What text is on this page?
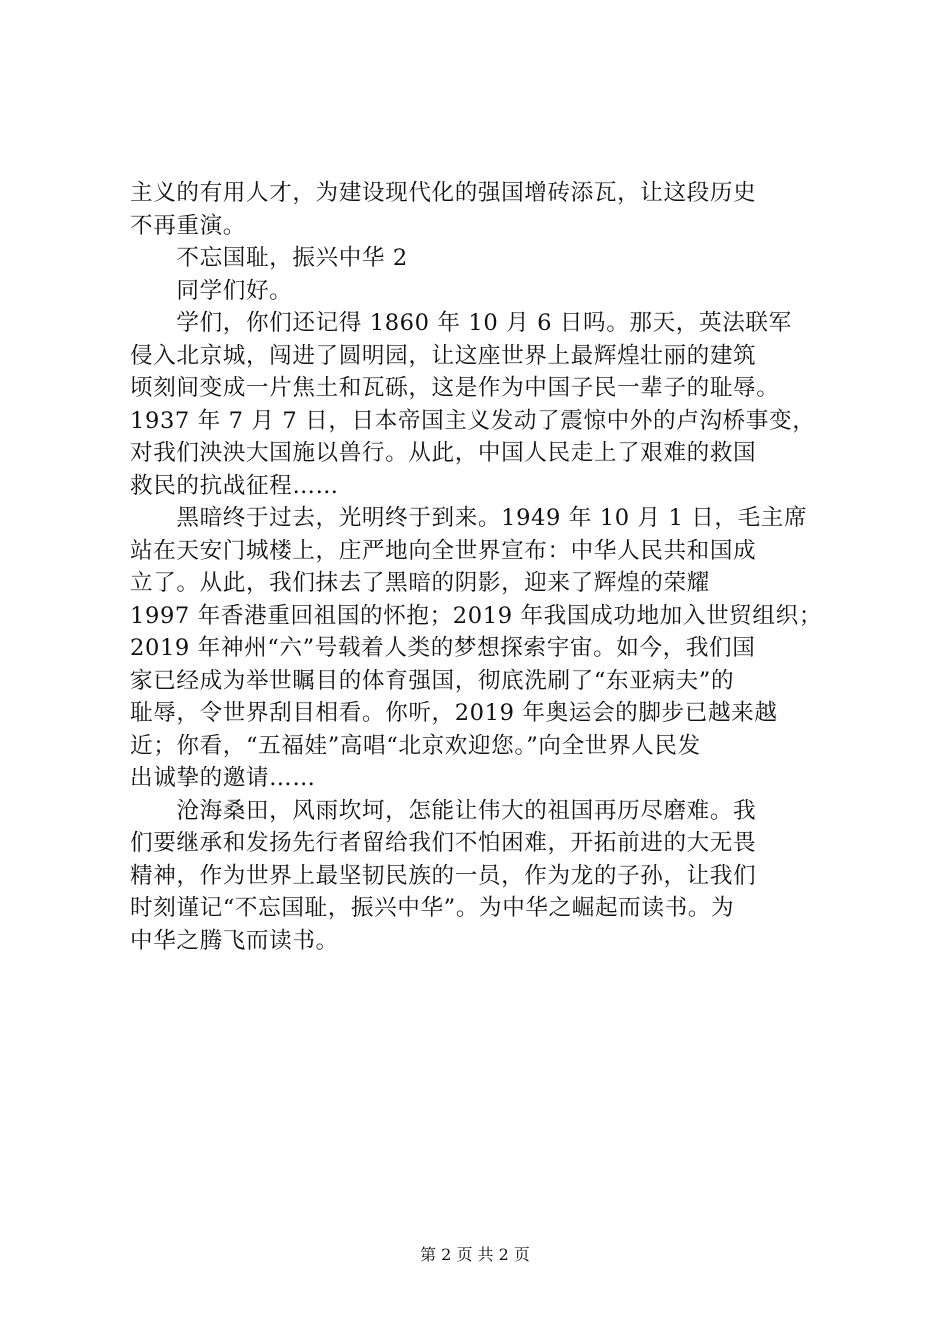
主义的有用人才，为建设现代化的强国增砖添瓦，让这段历史
不再重演。
　　不忘国耻，振兴中华 2
　　同学们好。
　　学们，你们还记得 1860 年 10 月 6 日吗。那天，英法联军
侵入北京城，闯进了圆明园，让这座世界上最辉煌壮丽的建筑
顷刻间变成一片焦土和瓦砾，这是作为中国子民一辈子的耻辱。
1937 年 7 月 7 日，日本帝国主义发动了震惊中外的卢沟桥事变，
对我们泱泱大国施以兽行。从此，中国人民走上了艰难的救国
救民的抗战征程……
　　黑暗终于过去，光明终于到来。1949 年 10 月 1 日，毛主席
站在天安门城楼上，庄严地向全世界宣布：中华人民共和国成
立了。从此，我们抹去了黑暗的阴影，迎来了辉煌的荣耀
1997 年香港重回祖国的怀抱；2019 年我国成功地加入世贸组织；
2019 年神州“六”号载着人类的梦想探索宇宙。如今，我们国
家已经成为举世瞩目的体育强国，彻底洗刷了“东亚病夫”的
耻辱，令世界刮目相看。你听，2019 年奥运会的脚步已越来越
近；你看，“五福娃”高唱“北京欢迎您。”向全世界人民发
出诚挚的邀请……
　　沧海桑田，风雨坎坷，怎能让伟大的祖国再历尽磨难。我
们要继承和发扬先行者留给我们不怕困难，开拓前进的大无畏
精神，作为世界上最坚韧民族的一员，作为龙的子孙，让我们
时刻谨记“不忘国耻，振兴中华”。为中华之崛起而读书。为
中华之腾飞而读书。
第 2 页 共 2 页
